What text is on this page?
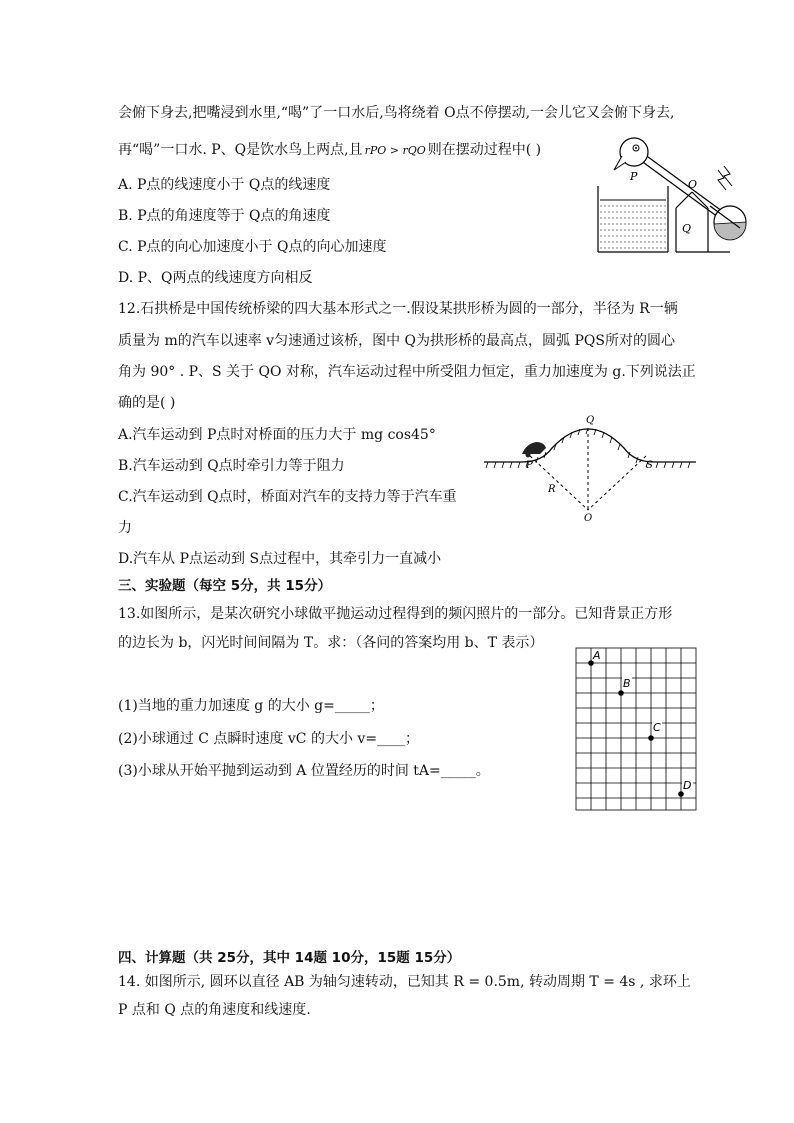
会俯下身去,把嘴浸到水里,“喝”了一口水后,鸟将绕着 O点不停摆动,一会儿它又会俯下身去,
再“喝”一口水. P、Q是饮水鸟上两点,且 rPO > rQO 则在摆动过程中( )
A. P点的线速度小于 Q点的线速度
B. P点的角速度等于 Q点的角速度
C. P点的向心加速度小于 Q点的向心加速度
D. P、Q两点的线速度方向相反
P
O
Q
12.石拱桥是中国传统桥梁的四大基本形式之一.假设某拱形桥为圆的一部分，半径为 R一辆
质量为 m的汽车以速率 v匀速通过该桥，图中 Q为拱形桥的最高点，圆弧 PQS所对的圆心
角为 90° . P、S 关于 QO 对称，汽车运动过程中所受阻力恒定，重力加速度为 g.下列说法正
确的是( )
A.汽车运动到 P点时对桥面的压力大于 mg cos45°
B.汽车运动到 Q点时牵引力等于阻力
C.汽车运动到 Q点时，桥面对汽车的支持力等于汽车重
力
D.汽车从 P点运动到 S点过程中，其牵引力一直减小
Q
P	S
R
O
三、实验题（每空 5分，共 15分）
13.如图所示，是某次研究小球做平抛运动过程得到的频闪照片的一部分。已知背景正方形
的边长为 b，闪光时间间隔为 T。求：（各问的答案均用 b、T 表示）
(1)当地的重力加速度 g 的大小 g=_____；
(2)小球通过 C 点瞬时速度 vC 的大小 v=____；
(3)小球从开始平抛到运动到 A 位置经历的时间 tA=_____。
A
B
C
D
四、计算题（共 25分，其中 14题 10分，15题 15分）
14. 如图所示, 圆环以直径 AB 为轴匀速转动，已知其 R = 0.5m, 转动周期 T = 4s , 求环上
P 点和 Q 点的角速度和线速度.
